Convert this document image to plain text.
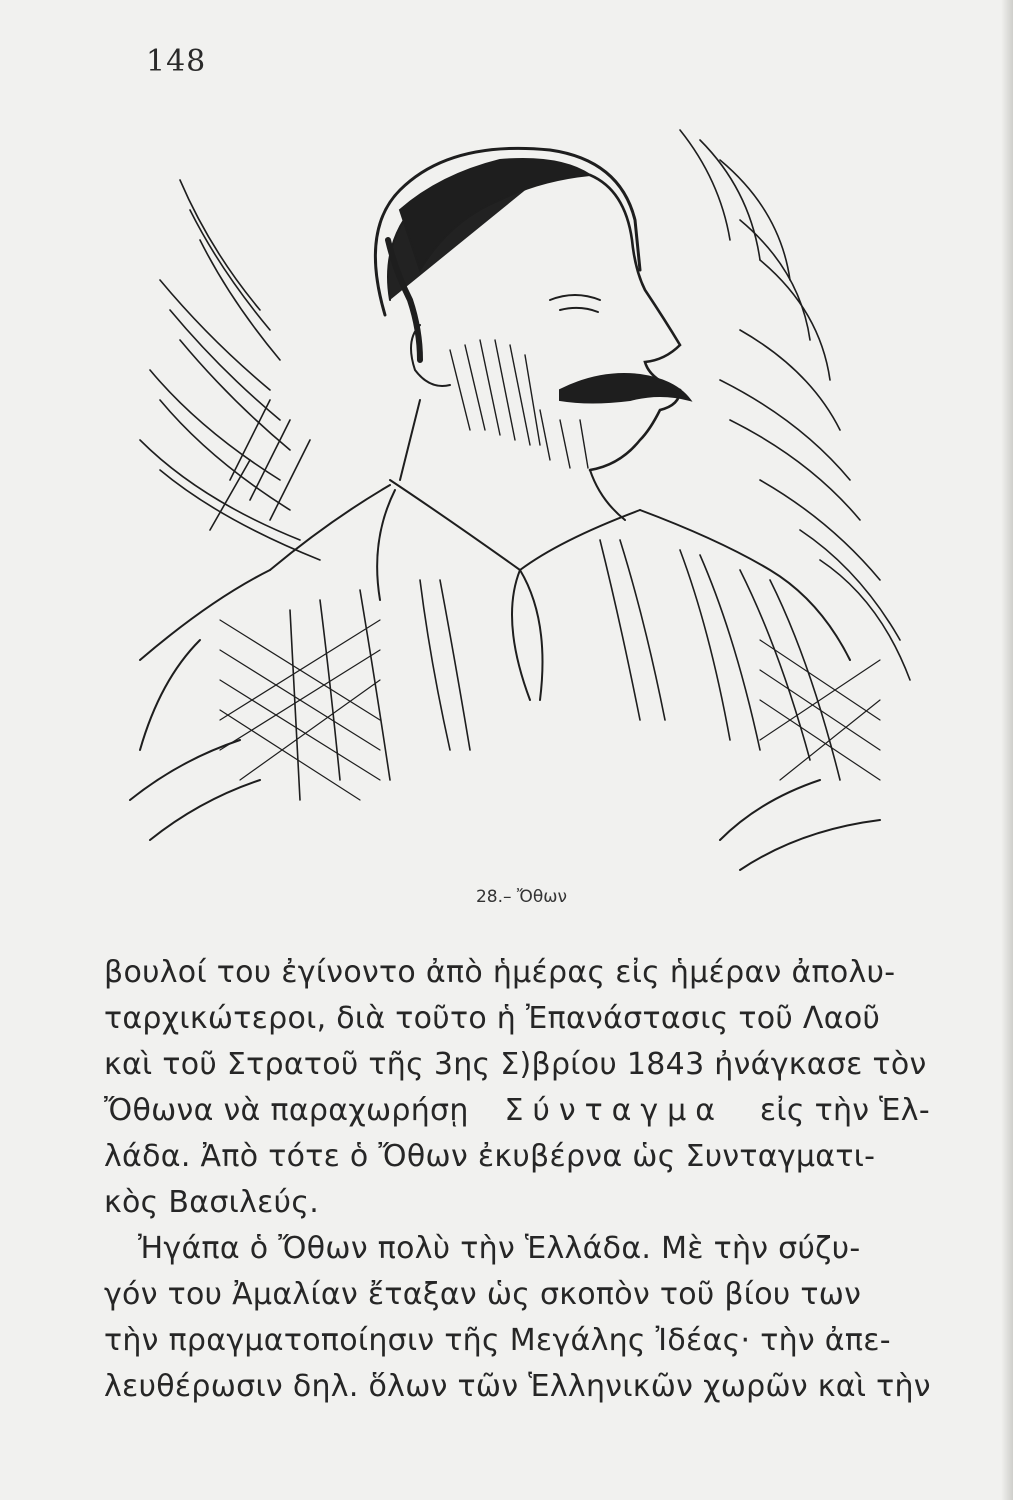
148
28.– Ὄθων
βουλοί του ἐγίνοντο ἀπὸ ἡμέρας εἰς ἡμέραν ἀπολυ-
ταρχικώτεροι, διὰ τοῦτο ἡ Ἐπανάστασις τοῦ Λαοῦ
καὶ τοῦ Στρατοῦ τῆς 3ης Σ)βρίου 1843 ἠνάγκασε τὸν
Ὄθωνα νὰ παραχωρήσῃ Σύνταγμα εἰς τὴν Ἑλ-
λάδα. Ἀπὸ τότε ὁ Ὄθων ἐκυβέρνα ὡς Συνταγματι-
κὸς Βασιλεύς.
Ἠγάπα ὁ Ὄθων πολὺ τὴν Ἑλλάδα. Μὲ τὴν σύζυ-
γόν του Ἀμαλίαν ἔταξαν ὡς σκοπὸν τοῦ βίου των
τὴν πραγματοποίησιν τῆς Μεγάλης Ἰδέας· τὴν ἀπε-
λευθέρωσιν δηλ. ὅλων τῶν Ἑλληνικῶν χωρῶν καὶ τὴν
